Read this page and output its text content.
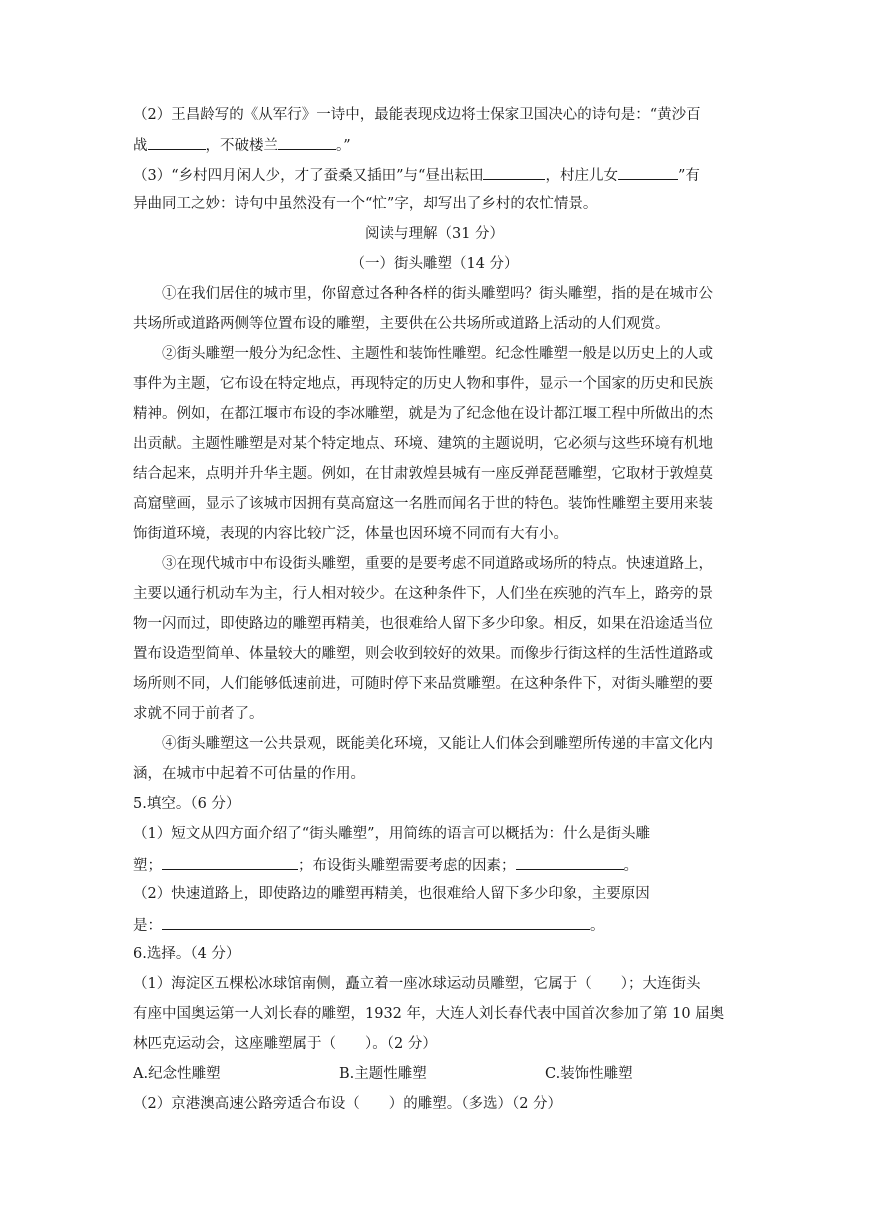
（2）王昌龄写的《从军行》一诗中，最能表现戍边将士保家卫国决心的诗句是：“黄沙百
战	，不破楼兰	。”
（3）“乡村四月闲人少，才了蚕桑又插田”与“昼出耘田	，村庄儿女	”有
异曲同工之妙：诗句中虽然没有一个“忙”字，却写出了乡村的农忙情景。
阅读与理解（31 分）
（一）街头雕塑（14 分）
①在我们居住的城市里，你留意过各种各样的街头雕塑吗？街头雕塑，指的是在城市公
共场所或道路两侧等位置布设的雕塑，主要供在公共场所或道路上活动的人们观赏。
②街头雕塑一般分为纪念性、主题性和装饰性雕塑。纪念性雕塑一般是以历史上的人或
事件为主题，它布设在特定地点，再现特定的历史人物和事件，显示一个国家的历史和民族
精神。例如，在都江堰市布设的李冰雕塑，就是为了纪念他在设计都江堰工程中所做出的杰
出贡献。主题性雕塑是对某个特定地点、环境、建筑的主题说明，它必须与这些环境有机地
结合起来，点明并升华主题。例如，在甘肃敦煌县城有一座反弹琵琶雕塑，它取材于敦煌莫
高窟壁画，显示了该城市因拥有莫高窟这一名胜而闻名于世的特色。装饰性雕塑主要用来装
饰街道环境，表现的内容比较广泛，体量也因环境不同而有大有小。
③在现代城市中布设街头雕塑，重要的是要考虑不同道路或场所的特点。快速道路上，
主要以通行机动车为主，行人相对较少。在这种条件下，人们坐在疾驰的汽车上，路旁的景
物一闪而过，即使路边的雕塑再精美，也很难给人留下多少印象。相反，如果在沿途适当位
置布设造型简单、体量较大的雕塑，则会收到较好的效果。而像步行街这样的生活性道路或
场所则不同，人们能够低速前进，可随时停下来品赏雕塑。在这种条件下，对街头雕塑的要
求就不同于前者了。
④街头雕塑这一公共景观，既能美化环境，又能让人们体会到雕塑所传递的丰富文化内
涵，在城市中起着不可估量的作用。
5.填空。（6 分）
（1）短文从四方面介绍了“街头雕塑”，用简练的语言可以概括为：什么是街头雕
塑；	；布设街头雕塑需要考虑的因素；	。
（2）快速道路上，即使路边的雕塑再精美，也很难给人留下多少印象，主要原因
是：	。
6.选择。（4 分）
（1）海淀区五棵松冰球馆南侧，矗立着一座冰球运动员雕塑，它属于（　　）；大连街头
有座中国奥运第一人刘长春的雕塑，1932 年，大连人刘长春代表中国首次参加了第 10 届奥
林匹克运动会，这座雕塑属于（　　）。（2 分）
A.纪念性雕塑	B.主题性雕塑	C.装饰性雕塑
（2）京港澳高速公路旁适合布设（　　）的雕塑。（多选）（2 分）
